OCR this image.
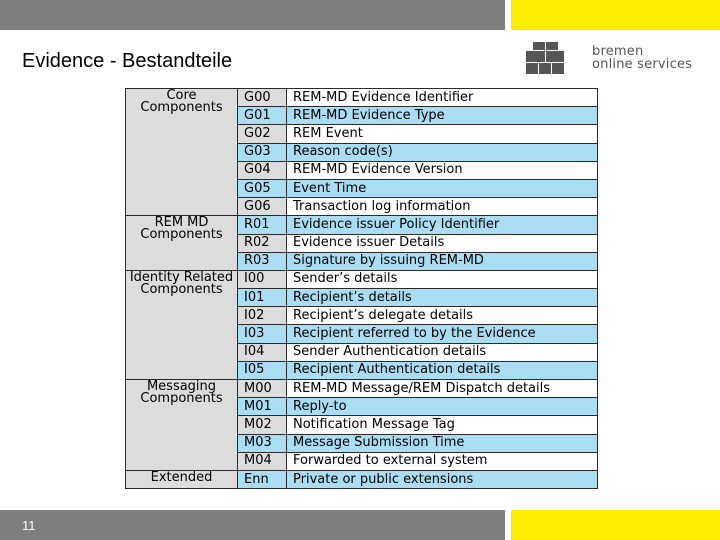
Evidence - Bestandteile	bremen
online services
Core Components	G00	REM-MD Evidence Identifier
	G01	REM-MD Evidence Type
	G02	REM Event
	G03	Reason code(s)
	G04	REM-MD Evidence Version
	G05	Event Time
	G06	Transaction log information
REM MD Components	R01	Evidence issuer Policy Identifier
	R02	Evidence issuer Details
	R03	Signature by issuing REM-MD
Identity Related Components	I00	Sender’s details
	I01	Recipient’s details
	I02	Recipient’s delegate details
	I03	Recipient referred to by the Evidence
	I04	Sender Authentication details
	I05	Recipient Authentication details
Messaging Components	M00	REM-MD Message/REM Dispatch details
	M01	Reply-to
	M02	Notification Message Tag
	M03	Message Submission Time
	M04	Forwarded to external system
Extended	Enn	Private or public extensions
11
